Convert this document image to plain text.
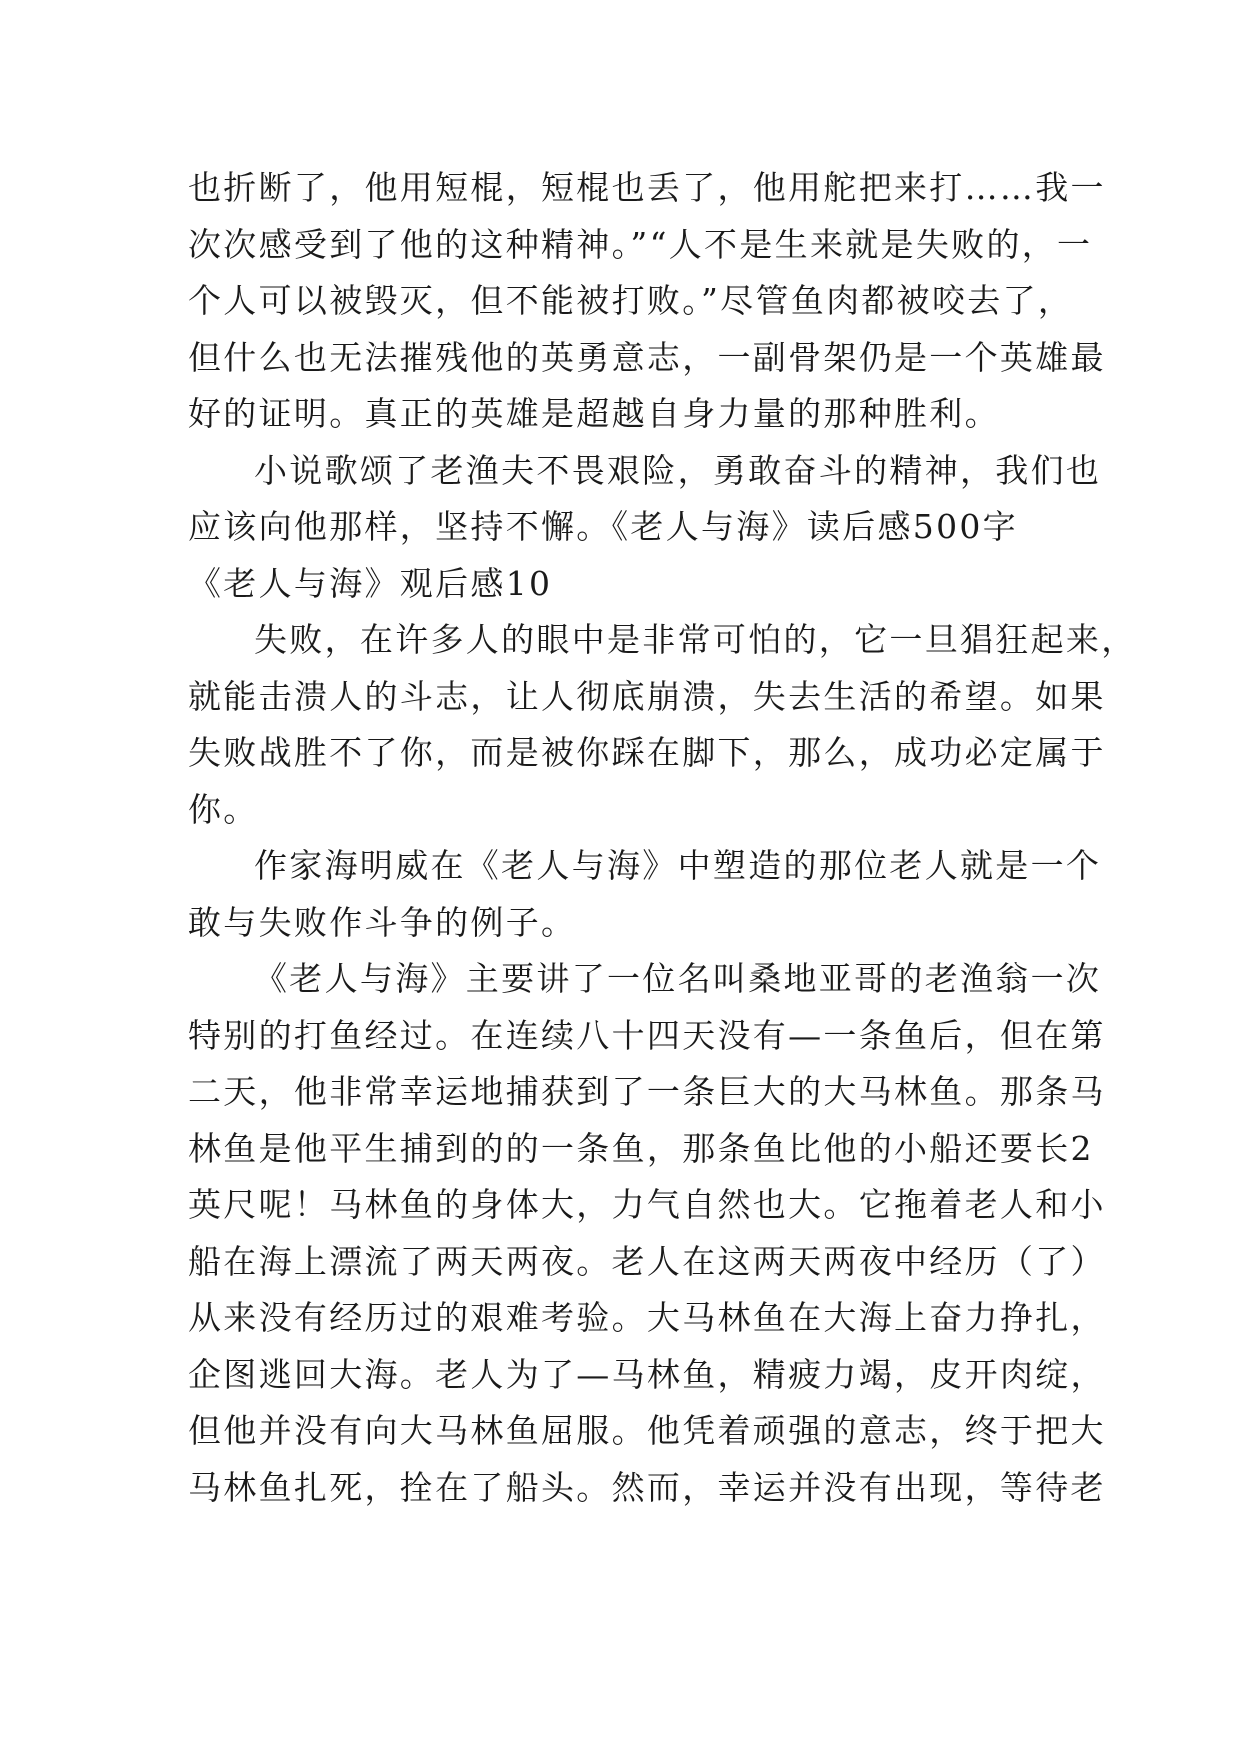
也折断了，他用短棍，短棍也丢了，他用舵把来打……我一
次次感受到了他的这种精神。”“人不是生来就是失败的，一
个人可以被毁灭，但不能被打败。”尽管鱼肉都被咬去了，
但什么也无法摧残他的英勇意志，一副骨架仍是一个英雄最
好的证明。真正的英雄是超越自身力量的那种胜利。
小说歌颂了老渔夫不畏艰险，勇敢奋斗的精神，我们也
应该向他那样，坚持不懈。《老人与海》读后感500字
《老人与海》观后感10
失败，在许多人的眼中是非常可怕的，它一旦猖狂起来，
就能击溃人的斗志，让人彻底崩溃，失去生活的希望。如果
失败战胜不了你，而是被你踩在脚下，那么，成功必定属于
你。
作家海明威在《老人与海》中塑造的那位老人就是一个
敢与失败作斗争的例子。
《老人与海》主要讲了一位名叫桑地亚哥的老渔翁一次
特别的打鱼经过。在连续八十四天没有—一条鱼后，但在第
二天，他非常幸运地捕获到了一条巨大的大马林鱼。那条马
林鱼是他平生捕到的的一条鱼，那条鱼比他的小船还要长2
英尺呢！马林鱼的身体大，力气自然也大。它拖着老人和小
船在海上漂流了两天两夜。老人在这两天两夜中经历（了）
从来没有经历过的艰难考验。大马林鱼在大海上奋力挣扎，
企图逃回大海。老人为了—马林鱼，精疲力竭，皮开肉绽，
但他并没有向大马林鱼屈服。他凭着顽强的意志，终于把大
马林鱼扎死，拴在了船头。然而，幸运并没有出现，等待老
